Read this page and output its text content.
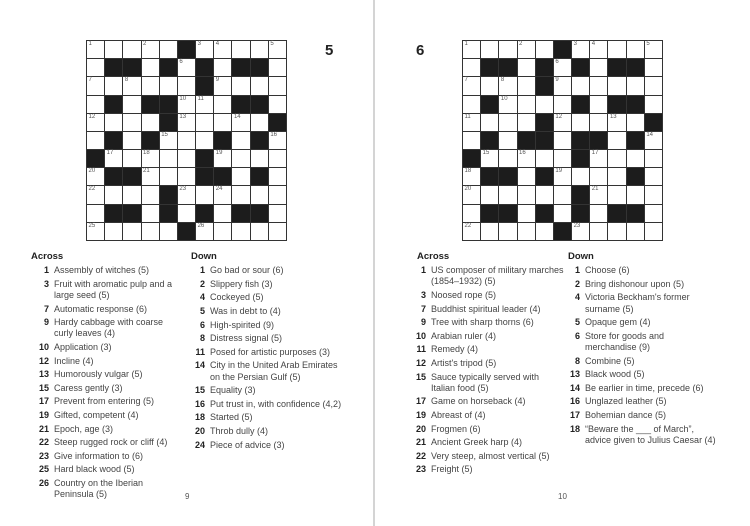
1	2	3 4	5
6
7	8	9
10 11
12	13	14
15	16
17	18	19
20	21
22	23	24
25	26
5
Across
1 Assembly of witches (5)
3 Fruit with aromatic pulp and a large seed (5)
7 Automatic response (6)
9 Hardy cabbage with coarse curly leaves (4)
10 Application (3)
12 Incline (4)
13 Humorously vulgar (5)
15 Caress gently (3)
17 Prevent from entering (5)
19 Gifted, competent (4)
21 Epoch, age (3)
22 Steep rugged rock or cliff (4)
23 Give information to (6)
25 Hard black wood (5)
26 Country on the Iberian Peninsula (5)
Down
1 Go bad or sour (6)
2 Slippery fish (3)
4 Cockeyed (5)
5 Was in debt to (4)
6 High-spirited (9)
8 Distress signal (5)
11 Posed for artistic purposes (3)
14 City in the United Arab Emirates on the Persian Gulf (5)
15 Equality (3)
16 Put trust in, with confidence (4,2)
18 Started (5)
20 Throb dully (4)
24 Piece of advice (3)
9
6	1	2	3 4	5
6
7	8	9
10
11	12	13
14
15	16	17
18	19
20	21
22	23
Across
1 US composer of military marches (1854–1932) (5)
3 Noosed rope (5)
7 Buddhist spiritual leader (4)
9 Tree with sharp thorns (6)
10 Arabian ruler (4)
11 Remedy (4)
12 Artist's tripod (5)
15 Sauce typically served with Italian food (5)
17 Game on horseback (4)
19 Abreast of (4)
20 Frogmen (6)
21 Ancient Greek harp (4)
22 Very steep, almost vertical (5)
23 Freight (5)
Down
1 Choose (6)
2 Bring dishonour upon (5)
4 Victoria Beckham's former surname (5)
5 Opaque gem (4)
6 Store for goods and merchandise (9)
8 Combine (5)
13 Black wood (5)
14 Be earlier in time, precede (6)
16 Unglazed leather (5)
17 Bohemian dance (5)
18 “Beware the ___ of March”, advice given to Julius Caesar (4)
10
